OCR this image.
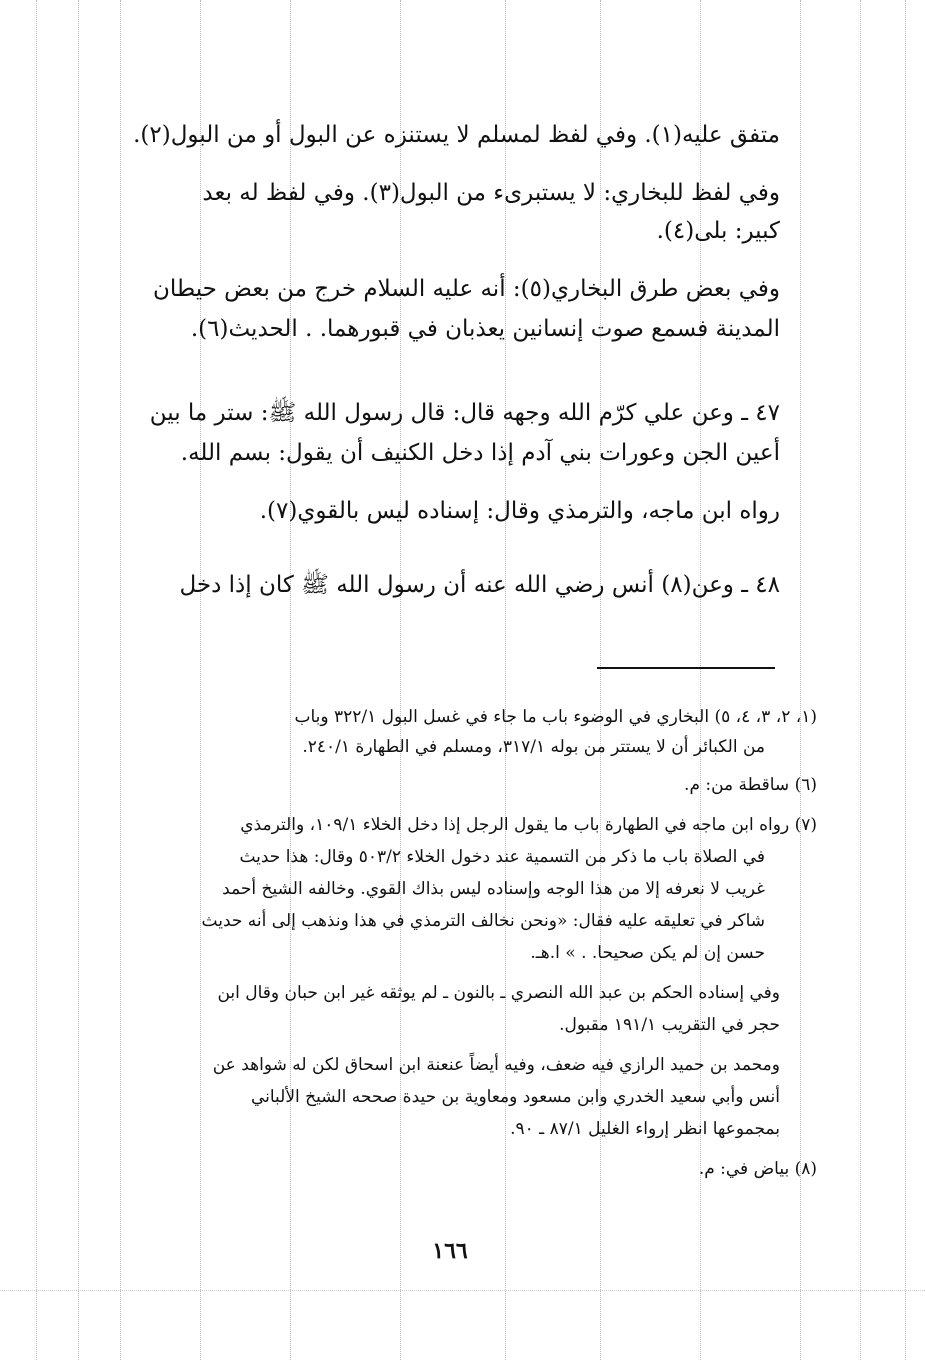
متفق عليه(١). وفي لفظ لمسلم لا يستنزه عن البول أو من البول(٢).
وفي لفظ للبخاري: لا يستبرىء من البول(٣). وفي لفظ له بعد
كبير: بلى(٤).
وفي بعض طرق البخاري(٥): أنه عليه السلام خرج من بعض حيطان
المدينة فسمع صوت إنسانين يعذبان في قبورهما. . الحديث(٦).
٤٧ ـ وعن علي كرّم الله وجهه قال: قال رسول الله ﷺ: ستر ما بين
أعين الجن وعورات بني آدم إذا دخل الكنيف أن يقول: بسم الله.
رواه ابن ماجه، والترمذي وقال: إسناده ليس بالقوي(٧).
٤٨ ـ وعن(٨) أنس رضي الله عنه أن رسول الله ﷺ كان إذا دخل
(١، ٢، ٣، ٤، ٥) البخاري في الوضوء باب ما جاء في غسل البول ٣٢٢/١ وباب
من الكبائر أن لا يستتر من بوله ٣١٧/١، ومسلم في الطهارة ٢٤٠/١.
(٦) ساقطة من: م.
(٧) رواه ابن ماجه في الطهارة باب ما يقول الرجل إذا دخل الخلاء ١٠٩/١، والترمذي
في الصلاة باب ما ذكر من التسمية عند دخول الخلاء ٥٠٣/٢ وقال: هذا حديث
غريب لا نعرفه إلا من هذا الوجه وإسناده ليس بذاك القوي. وخالفه الشيخ أحمد
شاكر في تعليقه عليه فقال: «ونحن نخالف الترمذي في هذا ونذهب إلى أنه حديث
حسن إن لم يكن صحيحا. . » ا.هـ.
وفي إسناده الحكم بن عبد الله النصري ـ بالنون ـ لم يوثقه غير ابن حبان وقال ابن
حجر في التقريب ١٩١/١ مقبول.
ومحمد بن حميد الرازي فيه ضعف، وفيه أيضاً عنعنة ابن اسحاق لكن له شواهد عن
أنس وأبي سعيد الخدري وابن مسعود ومعاوية بن حيدة صححه الشيخ الألباني
بمجموعها انظر إرواء الغليل ٨٧/١ ـ ٩٠.
(٨) بياض في: م.
١٦٦
